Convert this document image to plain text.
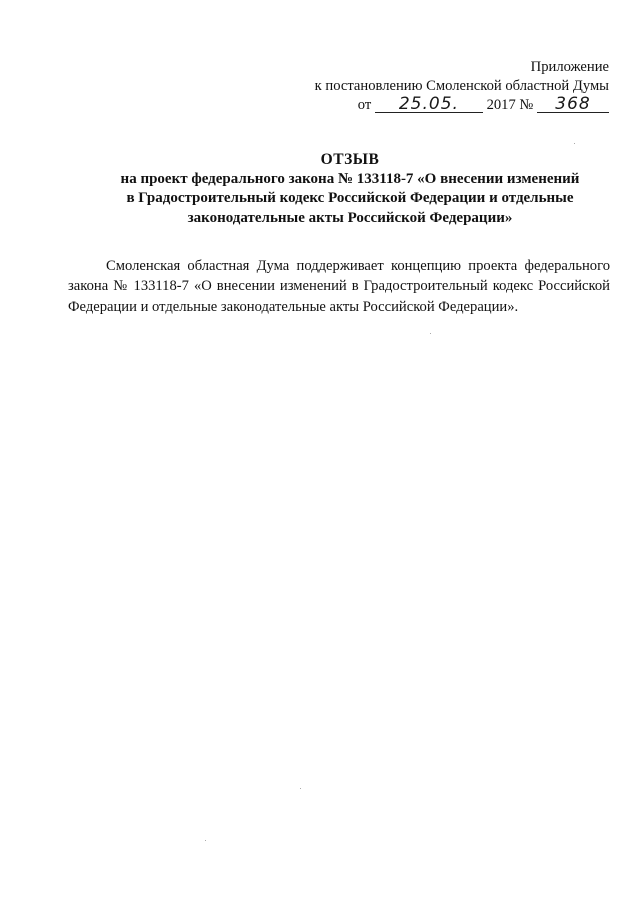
Приложение
к постановлению Смоленской областной Думы
от 25.05. 2017 № 368
ОТЗЫВ
на проект федерального закона № 133118-7 «О внесении изменений
в Градостроительный кодекс Российской Федерации и отдельные
законодательные акты Российской Федерации»

Смоленская областная Дума поддерживает концепцию проекта федерального закона № 133118-7 «О внесении изменений в Градостроительный кодекс Российской Федерации и отдельные законодательные акты Российской Федерации».
